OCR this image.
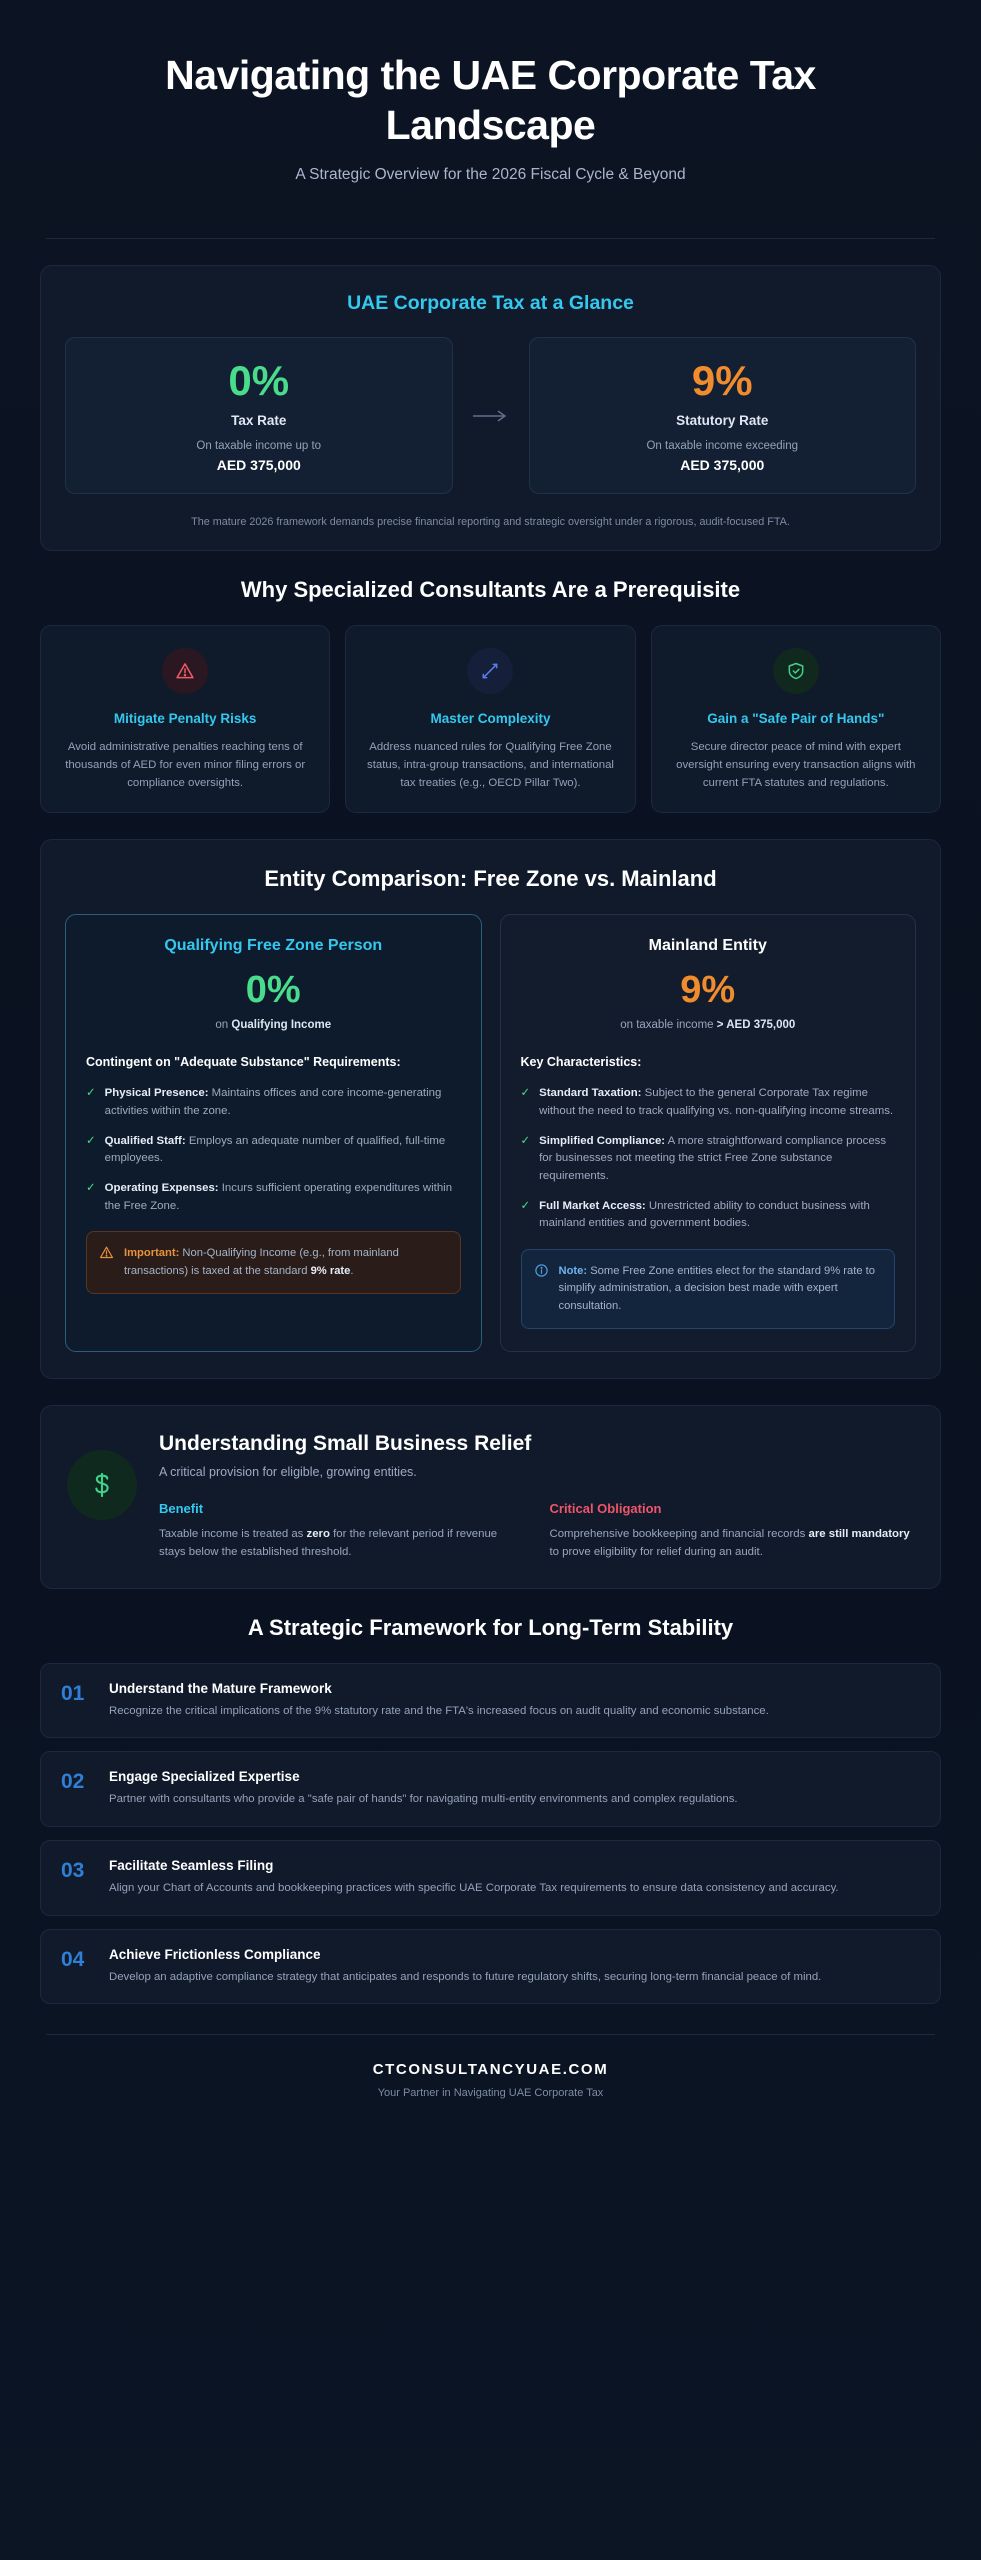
Navigating the UAE Corporate Tax Landscape

A Strategic Overview for the 2026 Fiscal Cycle & Beyond

UAE Corporate Tax at a Glance
0%
Tax Rate
On taxable income up to
AED 375,000
9%
Statutory Rate
On taxable income exceeding
AED 375,000
The mature 2026 framework demands precise financial reporting and strategic oversight under a rigorous, audit-focused FTA.
Why Specialized Consultants Are a Prerequisite
Mitigate Penalty Risks
Avoid administrative penalties reaching tens of thousands of AED for even minor filing errors or compliance oversights.
Master Complexity
Address nuanced rules for Qualifying Free Zone status, intra-group transactions, and international tax treaties (e.g., OECD Pillar Two).
Gain a "Safe Pair of Hands"
Secure director peace of mind with expert oversight ensuring every transaction aligns with current FTA statutes and regulations.
Entity Comparison: Free Zone vs. Mainland
Qualifying Free Zone Person
0%
on Qualifying Income
Contingent on "Adequate Substance" Requirements:
✓ Physical Presence: Maintains offices and core income-generating activities within the zone.
✓ Qualified Staff: Employs an adequate number of qualified, full-time employees.
✓ Operating Expenses: Incurs sufficient operating expenditures within the Free Zone.
Important: Non-Qualifying Income (e.g., from mainland transactions) is taxed at the standard 9% rate.
Mainland Entity
9%
on taxable income > AED 375,000
Key Characteristics:
✓ Standard Taxation: Subject to the general Corporate Tax regime without the need to track qualifying vs. non-qualifying income streams.
✓ Simplified Compliance: A more straightforward compliance process for businesses not meeting the strict Free Zone substance requirements.
✓ Full Market Access: Unrestricted ability to conduct business with mainland entities and government bodies.
Note: Some Free Zone entities elect for the standard 9% rate to simplify administration, a decision best made with expert consultation.
Understanding Small Business Relief

A critical provision for eligible, growing entities.

Benefit

Taxable income is treated as zero for the relevant period if revenue stays below the established threshold.

Critical Obligation

Comprehensive bookkeeping and financial records are still mandatory to prove eligibility for relief during an audit.

A Strategic Framework for Long-Term Stability
01	Understand the Mature Framework
Recognize the critical implications of the 9% statutory rate and the FTA's increased focus on audit quality and economic substance.
02	Engage Specialized Expertise
Partner with consultants who provide a "safe pair of hands" for navigating multi-entity environments and complex regulations.
03	Facilitate Seamless Filing
Align your Chart of Accounts and bookkeeping practices with specific UAE Corporate Tax requirements to ensure data consistency and accuracy.
04	Achieve Frictionless Compliance
Develop an adaptive compliance strategy that anticipates and responds to future regulatory shifts, securing long-term financial peace of mind.
CTCONSULTANCYUAE.COM
Your Partner in Navigating UAE Corporate Tax
